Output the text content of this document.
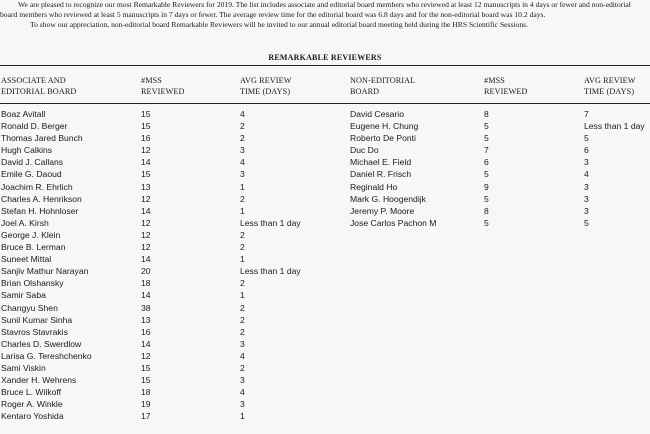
We are pleased to recognize our most Remarkable Reviewers for 2019. The list includes associate and editorial board members who reviewed at least 12 manuscripts in 4 days or fewer and non-editorial board members who reviewed at least 5 manuscripts in 7 days or fewer. The average review time for the editorial board was 6.8 days and for the non-editorial board was 10.2 days.

To show our appreciation, non-editorial board Remarkable Reviewers will be invited to our annual editorial board meeting held during the HRS Scientific Sessions.

REMARKABLE REVIEWERS
ASSOCIATE AND
EDITORIAL BOARD
#MSS
REVIEWED
AVG REVIEW
TIME (DAYS)
NON-EDITORIAL
BOARD
#MSS
REVIEWED
AVG REVIEW
TIME (DAYS)
Boaz Avitall
Ronald D. Berger
Thomas Jared Bunch
Hugh Calkins
David J. Callans
Emile G. Daoud
Joachim R. Ehrlich
Charles A. Henrikson
Stefan H. Hohnloser
Joel A. Kirsh
George J. Klein
Bruce B. Lerman
Suneet Mittal
Sanjiv Mathur Narayan
Brian Olshansky
Samir Saba
Changyu Shen
Sunil Kumar Sinha
Stavros Stavrakis
Charles D. Swerdlow
Larisa G. Tereshchenko
Sami Viskin
Xander H. Wehrens
Bruce L. Wilkoff
Roger A. Winkle
Kentaro Yoshida
15
15
16
12
14
15
13
12
14
12
12
12
14
20
18
14
38
13
16
14
12
15
15
18
19
17
4
2
2
3
4
3
1
2
1
Less than 1 day
2
2
1
Less than 1 day
2
1
2
2
2
3
4
2
3
4
3
1
David Cesario
Eugene H. Chung
Roberto De Ponti
Duc Do
Michael E. Field
Daniel R. Frisch
Reginald Ho
Mark G. Hoogendijk
Jeremy P. Moore
Jose Carlos Pachon M
8
5
5
7
6
5
9
5
8
5
7
Less than 1 day
5
6
3
4
3
3
3
5
